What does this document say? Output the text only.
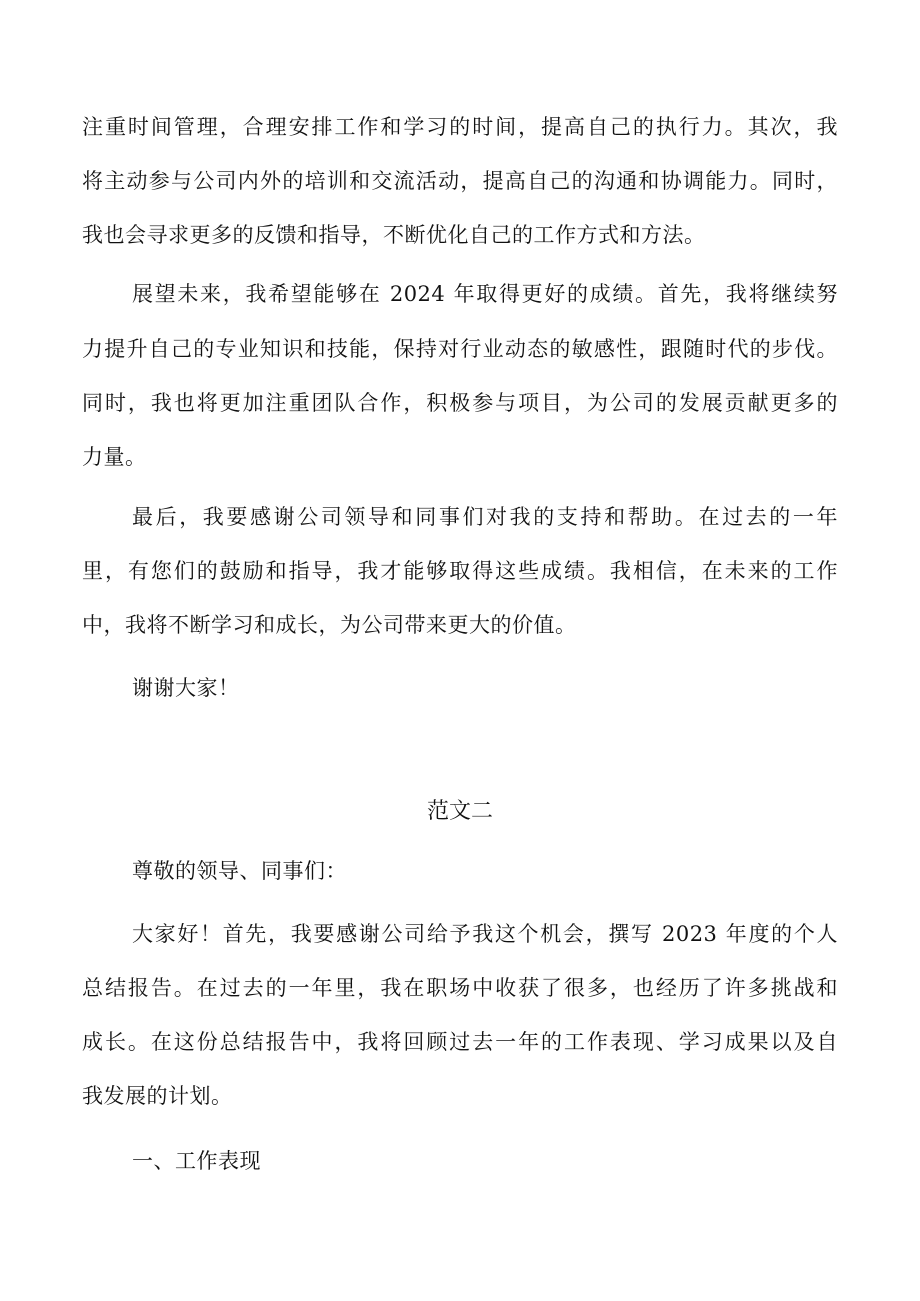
注重时间管理，合理安排工作和学习的时间，提高自己的执行力。其次，我
将主动参与公司内外的培训和交流活动，提高自己的沟通和协调能力。同时，
我也会寻求更多的反馈和指导，不断优化自己的工作方式和方法。
展望未来，我希望能够在 2024 年取得更好的成绩。首先，我将继续努
力提升自己的专业知识和技能，保持对行业动态的敏感性，跟随时代的步伐。
同时，我也将更加注重团队合作，积极参与项目，为公司的发展贡献更多的
力量。
最后，我要感谢公司领导和同事们对我的支持和帮助。在过去的一年
里，有您们的鼓励和指导，我才能够取得这些成绩。我相信，在未来的工作
中，我将不断学习和成长，为公司带来更大的价值。
谢谢大家！
范文二
尊敬的领导、同事们：
大家好！首先，我要感谢公司给予我这个机会，撰写 2023 年度的个人
总结报告。在过去的一年里，我在职场中收获了很多，也经历了许多挑战和
成长。在这份总结报告中，我将回顾过去一年的工作表现、学习成果以及自
我发展的计划。
一、工作表现
